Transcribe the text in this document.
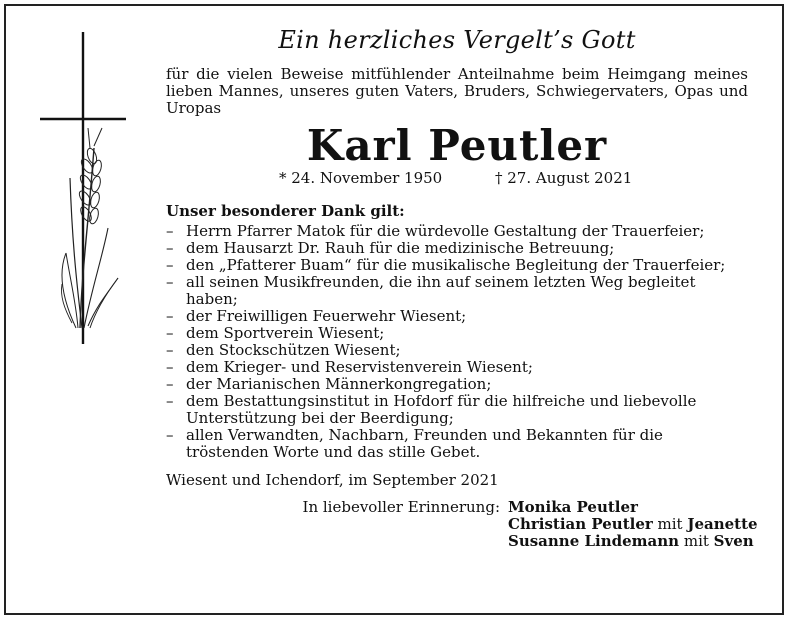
Ein herzliches Vergelt’s Gott

für die vielen Beweise mitfühlender Anteilnahme beim Heimgang meines lieben Mannes, unseres guten Vaters, Bruders, Schwiegervaters, Opas und Uropas

Karl Peutler
* 24. November 1950	† 27. August 2021
Unser besonderer Dank gilt:
– Herrn Pfarrer Matok für die würdevolle Gestaltung der Trauerfeier;
– dem Hausarzt Dr. Rauh für die medizinische Betreuung;
– den „Pfatterer Buam“ für die musikalische Begleitung der Trauerfeier;
– all seinen Musikfreunden, die ihn auf seinem letzten Weg begleitet haben;
– der Freiwilligen Feuerwehr Wiesent;
– dem Sportverein Wiesent;
– den Stockschützen Wiesent;
– dem Krieger- und Reservistenverein Wiesent;
– der Marianischen Männerkongregation;
– dem Bestattungsinstitut in Hofdorf für die hilfreiche und liebevolle Unterstützung bei der Beerdigung;
– allen Verwandten, Nachbarn, Freunden und Bekannten für die tröstenden Worte und das stille Gebet.
Wiesent und Ichendorf, im September 2021
In liebevoller Erinnerung: Monika Peutler
Christian Peutler mit Jeanette
Susanne Lindemann mit Sven
